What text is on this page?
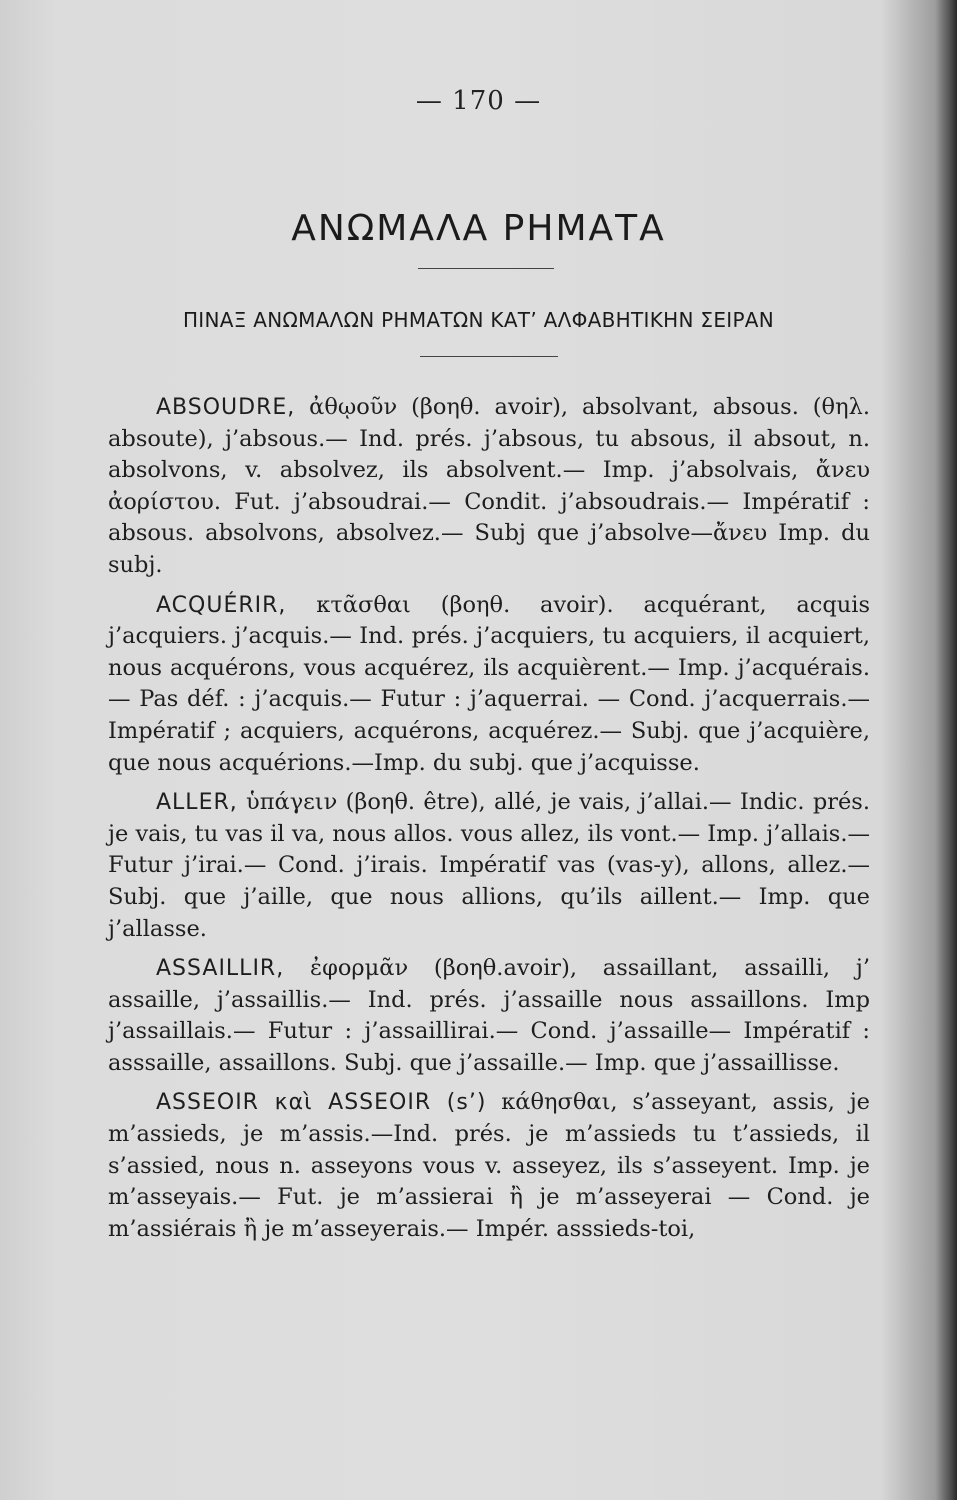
— 170 —
ΑΝΩΜΑΛΑ ΡΗΜΑΤΑ
ΠΙΝΑΞ ΑΝΩΜΑΛΩΝ ΡΗΜΑΤΩΝ ΚΑΤ’ ΑΛΦΑΒΗΤΙΚΗΝ ΣΕΙΡΑΝ

ABSOUDRE, ἀθῳοῦν (βοηθ. avoir), absolvant, absous. (θηλ. absoute), j’absous.— Ind. prés. j’absous, tu absous, il absout, n. absolvons, v. absolvez, ils absolvent.— Imp. j’absolvais, ἄνευ ἀορίστου. Fut. j’absoudrai.— Condit. j’absoudrais.— Impératif : absous. absolvons, absolvez.— Subj que j’absolve—ἄνευ Imp. du subj.

ACQUÉRIR, κτᾶσθαι (βοηθ. avoir). acquérant, acquis j’acquiers. j’acquis.— Ind. prés. j’acquiers, tu acquiers, il acquiert, nous acquérons, vous acquérez, ils acquièrent.— Imp. j’acquérais.— Pas déf. : j’acquis.— Futur : j’aquerrai. — Cond. j’acquerrais.— Impératif ; acquiers, acquérons, acquérez.— Subj. que j’acquière, que nous acquérions.—Imp. du subj. que j’acquisse.

ALLER, ὑπάγειν (βοηθ. être), allé, je vais, j’allai.— Indic. prés. je vais, tu vas il va, nous allos. vous allez, ils vont.— Imp. j’allais.— Futur j’irai.— Cond. j’irais. Impératif vas (vas-y), allons, allez.— Subj. que j’aille, que nous allions, qu’ils aillent.— Imp. que j’allasse.

ASSAILLIR, ἐφορμᾶν (βοηθ.avoir), assaillant, assailli, j’ assaille, j’assaillis.— Ind. prés. j’assaille nous assaillons. Imp j’assaillais.— Futur : j’assaillirai.— Cond. j’assaille— Impératif : asssaille, assaillons. Subj. que j’assaille.— Imp. que j’assaillisse.

ASSEOIR καὶ ASSEOIR (s’) κάθησθαι, s’asseyant, assis, je m’assieds, je m’assis.—Ind. prés. je m’assieds tu t’assieds, il s’assied, nous n. asseyons vous v. asseyez, ils s’asseyent. Imp. je m’asseyais.— Fut. je m’assierai ἢ je m’asseyerai — Cond. je m’assiérais ἢ je m’asseyerais.— Impér. asssieds-toi,
